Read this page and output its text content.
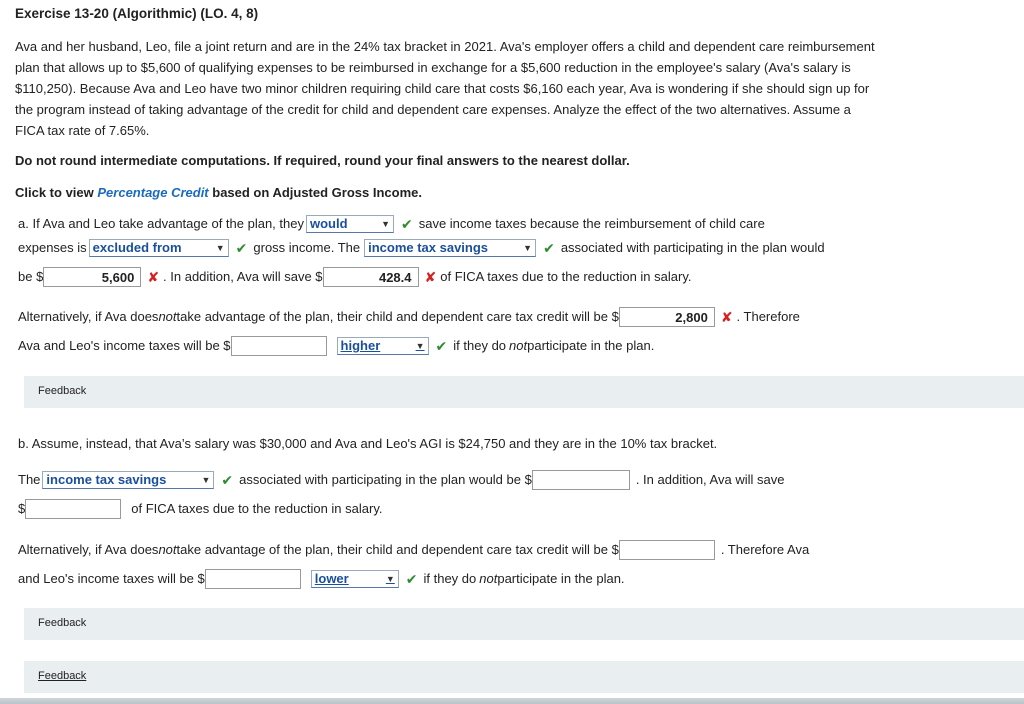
Exercise 13-20 (Algorithmic) (LO. 4, 8)
Ava and her husband, Leo, file a joint return and are in the 24% tax bracket in 2021. Ava's employer offers a child and dependent care reimbursement plan that allows up to $5,600 of qualifying expenses to be reimbursed in exchange for a $5,600 reduction in the employee's salary (Ava's salary is $110,250). Because Ava and Leo have two minor children requiring child care that costs $6,160 each year, Ava is wondering if she should sign up for the program instead of taking advantage of the credit for child and dependent care expenses. Analyze the effect of the two alternatives. Assume a FICA tax rate of 7.65%.
Do not round intermediate computations. If required, round your final answers to the nearest dollar.
Click to view Percentage Credit based on Adjusted Gross Income.
a. If Ava and Leo take advantage of the plan, they would	▼ ✔ save income taxes because the reimbursement of child care
expenses is excluded from	▼ ✔ gross income. The income tax savings	▼ ✔ associated with participating in the plan would
be $	5,600 ✘ . In addition, Ava will save $	428.4 ✘ of FICA taxes due to the reduction in salary.
Alternatively, if Ava does not take advantage of the plan, their child and dependent care tax credit will be $	2,800 ✘ . Therefore
Ava and Leo's income taxes will be $	higher	▼ ✔ if they do not participate in the plan.
Feedback
b. Assume, instead, that Ava’s salary was $30,000 and Ava and Leo's AGI is $24,750 and they are in the 10% tax bracket.
The income tax savings	▼ ✔ associated with participating in the plan would be $	. In addition, Ava will save
$	of FICA taxes due to the reduction in salary.
Alternatively, if Ava does not take advantage of the plan, their child and dependent care tax credit will be $	. Therefore Ava
and Leo's income taxes will be $	lower	▼ ✔ if they do not participate in the plan.
Feedback
Feedback
